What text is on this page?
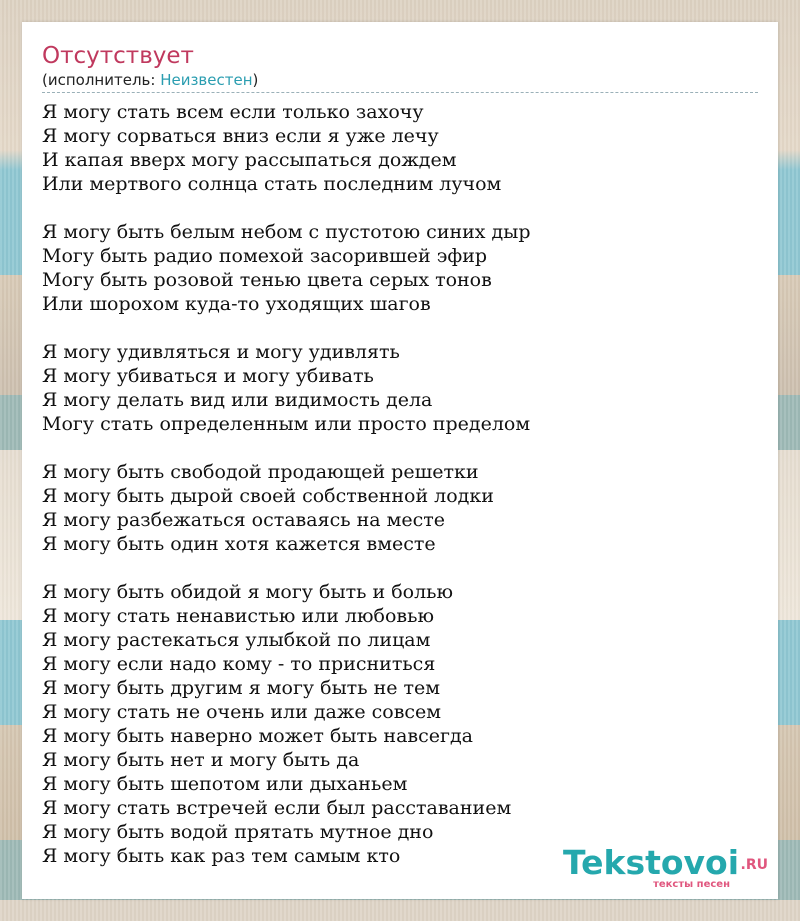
Отсутствует
(исполнитель: Неизвестен)
Я могу стать всем если только захочу
Я могу сорваться вниз если я уже лечу
И капая вверх могу рассыпаться дождем
Или мертвого солнца стать последним лучом
Я могу быть белым небом с пустотою синих дыр
Могу быть радио помехой засорившей эфир
Могу быть розовой тенью цвета серых тонов
Или шорохом куда-то уходящих шагов
Я могу удивляться и могу удивлять
Я могу убиваться и могу убивать
Я могу делать вид или видимость дела
Могу стать определенным или просто пределом
Я могу быть свободой продающей решетки
Я могу быть дырой своей собственной лодки
Я могу разбежаться оставаясь на месте
Я могу быть один хотя кажется вместе
Я могу быть обидой я могу быть и болью
Я могу стать ненавистью или любовью
Я могу растекаться улыбкой по лицам
Я могу если надо кому - то присниться
Я могу быть другим я могу быть не тем
Я могу стать не очень или даже совсем
Я могу быть наверно может быть навсегда
Я могу быть нет и могу быть да
Я могу быть шепотом или дыханьем
Я могу стать встречей если был расставанием
Я могу быть водой прятать мутное дно
Я могу быть как раз тем самым кто	Tekstovoi .RU
тексты песен
